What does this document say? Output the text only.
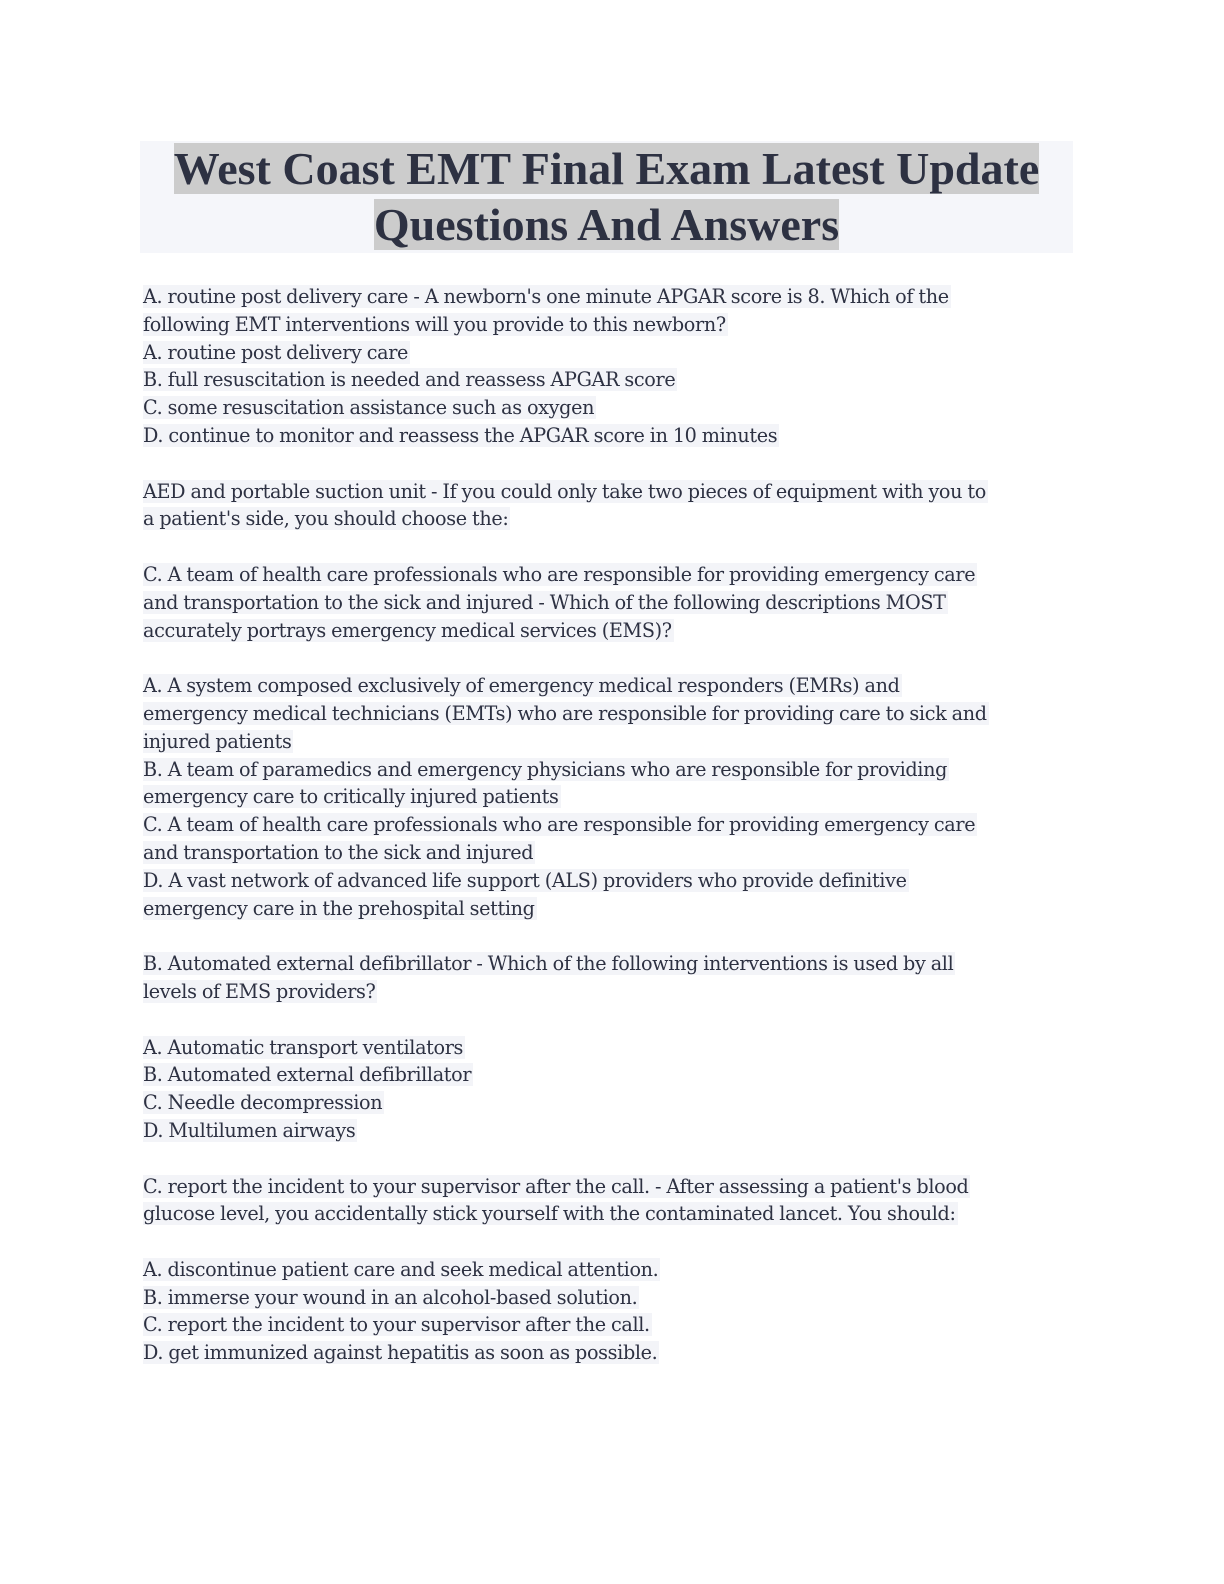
West Coast EMT Final Exam Latest Update
Questions And Answers
A. routine post delivery care - A newborn's one minute APGAR score is 8. Which of the
following EMT interventions will you provide to this newborn?
A. routine post delivery care
B. full resuscitation is needed and reassess APGAR score
C. some resuscitation assistance such as oxygen
D. continue to monitor and reassess the APGAR score in 10 minutes
AED and portable suction unit - If you could only take two pieces of equipment with you to
a patient's side, you should choose the:
C. A team of health care professionals who are responsible for providing emergency care
and transportation to the sick and injured - Which of the following descriptions MOST
accurately portrays emergency medical services (EMS)?
A. A system composed exclusively of emergency medical responders (EMRs) and
emergency medical technicians (EMTs) who are responsible for providing care to sick and
injured patients
B. A team of paramedics and emergency physicians who are responsible for providing
emergency care to critically injured patients
C. A team of health care professionals who are responsible for providing emergency care
and transportation to the sick and injured
D. A vast network of advanced life support (ALS) providers who provide definitive
emergency care in the prehospital setting
B. Automated external defibrillator - Which of the following interventions is used by all
levels of EMS providers?
A. Automatic transport ventilators
B. Automated external defibrillator
C. Needle decompression
D. Multilumen airways
C. report the incident to your supervisor after the call. - After assessing a patient's blood
glucose level, you accidentally stick yourself with the contaminated lancet. You should:
A. discontinue patient care and seek medical attention.
B. immerse your wound in an alcohol-based solution.
C. report the incident to your supervisor after the call.
D. get immunized against hepatitis as soon as possible.
